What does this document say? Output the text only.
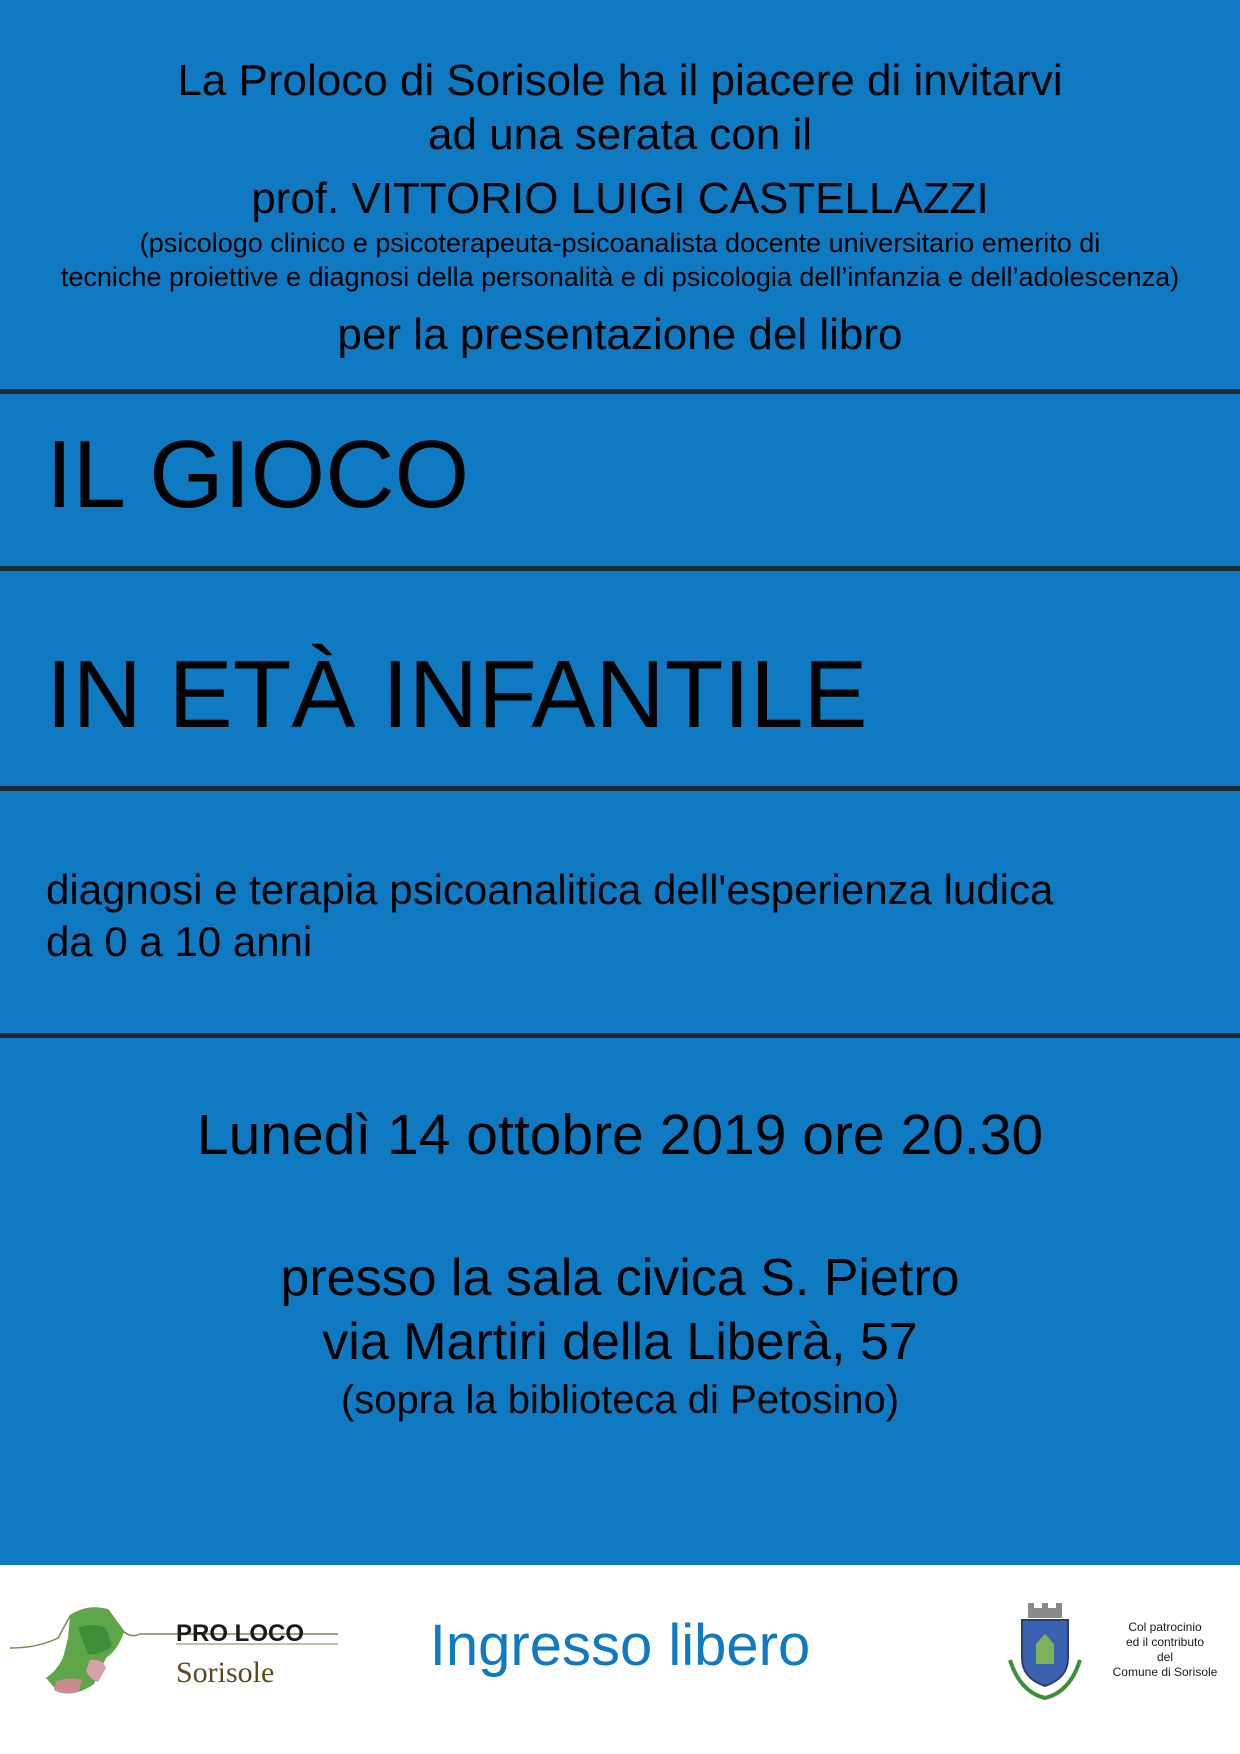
La Proloco di Sorisole ha il piacere di invitarvi
ad una serata con il
prof. VITTORIO LUIGI CASTELLAZZI
(psicologo clinico e psicoterapeuta-psicoanalista docente universitario emerito di
tecniche proiettive e diagnosi della personalità e di psicologia dell’infanzia e dell’adolescenza)
per la presentazione del libro
IL GIOCO
IN ETÀ INFANTILE
diagnosi e terapia psicoanalitica dell'esperienza ludica
da 0 a 10 anni
Lunedì 14 ottobre 2019 ore 20.30
presso la sala civica S. Pietro
via Martiri della Liberà, 57
(sopra la biblioteca di Petosino)
PRO LOCO
Sorisole	Ingresso libero	Col patrocinio
ed il contributo
del
Comune di Sorisole
